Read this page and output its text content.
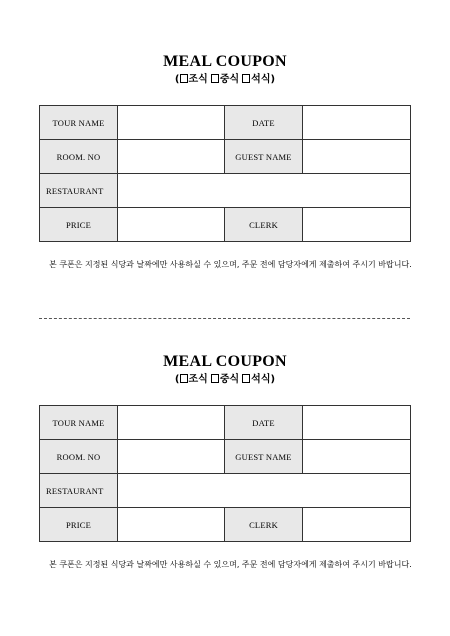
MEAL COUPON
( 조식 중식 석식)
TOUR NAME		DATE	
ROOM. NO		GUEST NAME	
RESTAURANT			
PRICE		CLERK	
본 쿠폰은 지정된 식당과 날짜에만 사용하실 수 있으며, 주문 전에 담당자에게 제출하여 주시기 바랍니다.
MEAL COUPON
( 조식 중식 석식)
TOUR NAME		DATE	
ROOM. NO		GUEST NAME	
RESTAURANT			
PRICE		CLERK	
본 쿠폰은 지정된 식당과 날짜에만 사용하실 수 있으며, 주문 전에 담당자에게 제출하여 주시기 바랍니다.
